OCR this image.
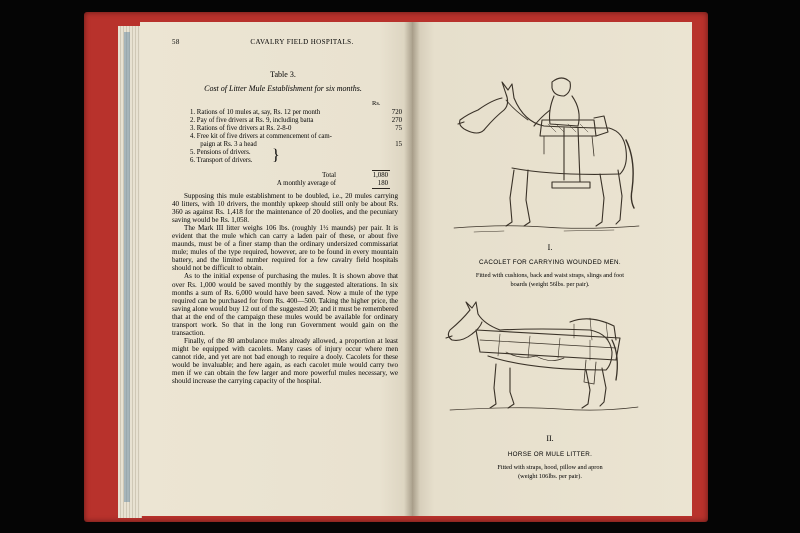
58	CAVALRY FIELD HOSPITALS.
Table 3.
Cost of Litter Mule Establishment for six months.
Rs.
1. Rations of 10 mules at, say, Rs. 12 per month	720
2. Pay of five drivers at Rs. 9, including batta	270
3. Rations of five drivers at Rs. 2-8-0	75
4. Free kit of five drivers at commencement of cam-
paign at Rs. 3 a head	15
5. Pensions of drivers.
6. Transport of drivers. }
Total	1,080
A monthly average of	180

Supposing this mule establishment to be doubled, i.e., 20 mules carrying 40 litters, with 10 drivers, the monthly upkeep should still only be about Rs. 360 as against Rs. 1,418 for the maintenance of 20 doolies, and the pecuniary saving would be Rs. 1,058.

The Mark III litter weighs 106 lbs. (roughly 1½ maunds) per pair. It is evident that the mule which can carry a laden pair of these, or about five maunds, must be of a finer stamp than the ordinary undersized commissariat mule; mules of the type required, however, are to be found in every mountain battery, and the limited number required for a few cavalry field hospitals should not be difficult to obtain.

As to the initial expense of purchasing the mules. It is shown above that over Rs. 1,000 would be saved monthly by the suggested alterations. In six months a sum of Rs. 6,000 would have been saved. Now a mule of the type required can be purchased for from Rs. 400—500. Taking the higher price, the saving alone would buy 12 out of the suggested 20; and it must be remembered that at the end of the campaign these mules would be available for ordinary transport work. So that in the long run Government would gain on the transaction.

Finally, of the 80 ambulance mules already allowed, a proportion at least might be equipped with cacolets. Many cases of injury occur where men cannot ride, and yet are not bad enough to require a dooly. Cacolets for these would be invaluable; and here again, as each cacolet mule would carry two men if we can obtain the few larger and more powerful mules necessary, we should increase the carrying capacity of the hospital.

I.
CACOLET FOR CARRYING WOUNDED MEN.
Fitted with cushions, back and waist straps, slings and foot
boards (weight 56lbs. per pair).
II.
HORSE OR MULE LITTER.
Fitted with straps, hood, pillow and apron
(weight 106lbs. per pair).
